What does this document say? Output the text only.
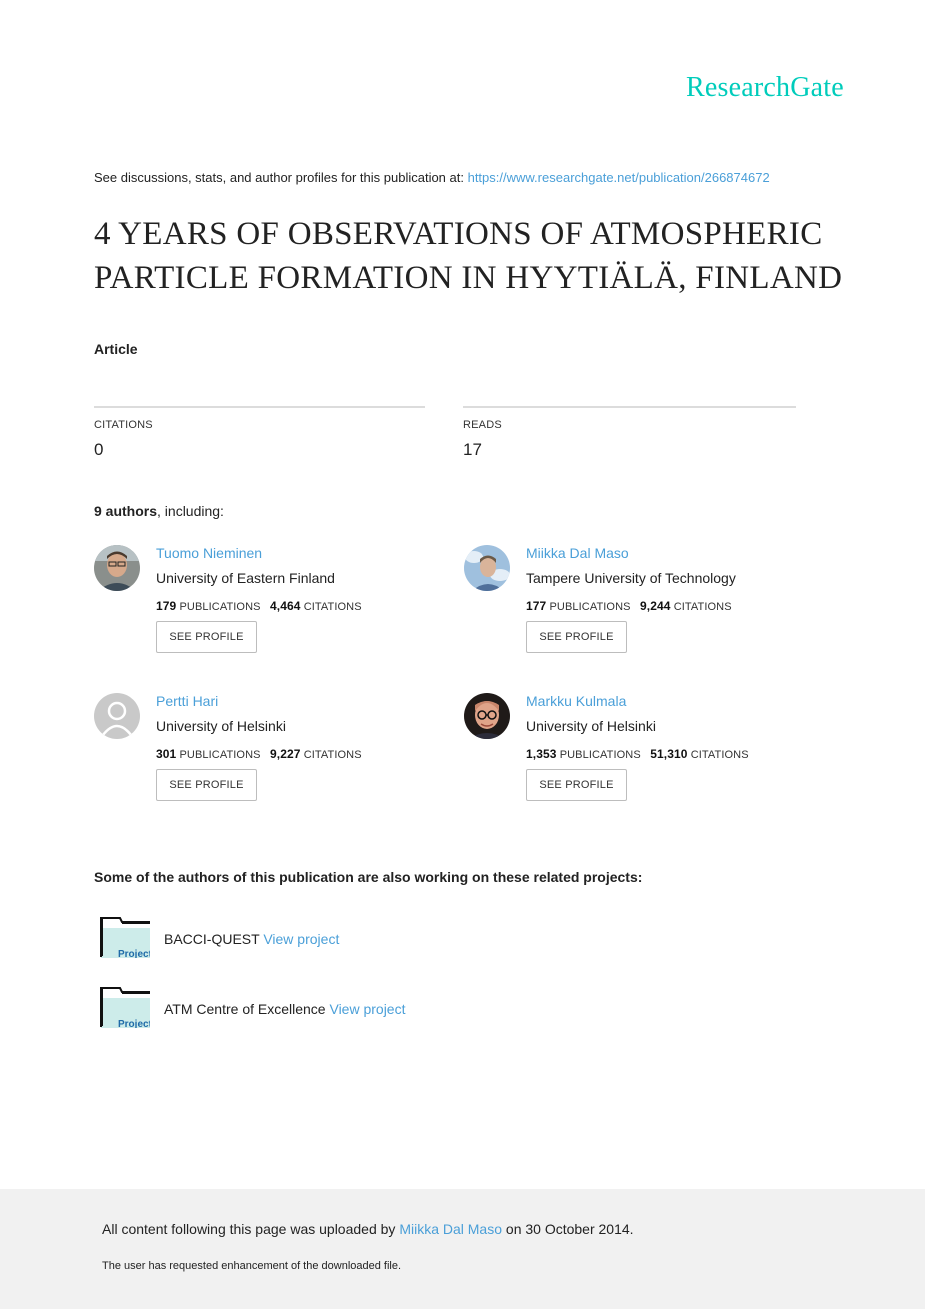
ResearchGate
See discussions, stats, and author profiles for this publication at: https://www.researchgate.net/publication/266874672
4 YEARS OF OBSERVATIONS OF ATMOSPHERIC
PARTICLE FORMATION IN HYYTIÄLÄ, FINLAND
Article
CITATIONS
0
READS
17
9 authors, including:
Tuomo Nieminen
University of Eastern Finland
179 PUBLICATIONS 4,464 CITATIONS
SEE PROFILE
Miikka Dal Maso
Tampere University of Technology
177 PUBLICATIONS 9,244 CITATIONS
SEE PROFILE
Pertti Hari
University of Helsinki
301 PUBLICATIONS 9,227 CITATIONS
SEE PROFILE
Markku Kulmala
University of Helsinki
1,353 PUBLICATIONS 51,310 CITATIONS
SEE PROFILE
Some of the authors of this publication are also working on these related projects:
Project
BACCI-QUEST View project
Project
ATM Centre of Excellence View project
All content following this page was uploaded by Miikka Dal Maso on 30 October 2014.
The user has requested enhancement of the downloaded file.
